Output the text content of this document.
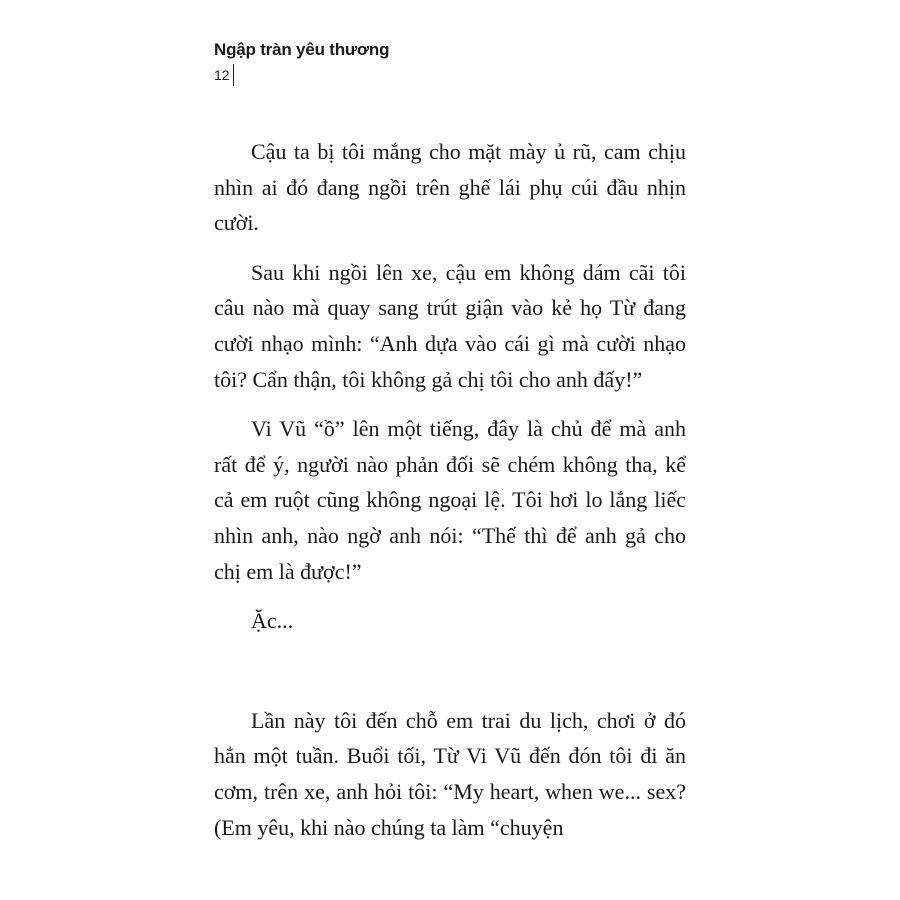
Ngập tràn yêu thương
12

Cậu ta bị tôi mắng cho mặt mày ủ rũ, cam chịu nhìn ai đó đang ngồi trên ghế lái phụ cúi đầu nhịn cười.

Sau khi ngồi lên xe, cậu em không dám cãi tôi câu nào mà quay sang trút giận vào kẻ họ Từ đang cười nhạo mình: “Anh dựa vào cái gì mà cười nhạo tôi? Cẩn thận, tôi không gả chị tôi cho anh đấy!”

Vi Vũ “ồ” lên một tiếng, đây là chủ để mà anh rất để ý, người nào phản đối sẽ chém không tha, kể cả em ruột cũng không ngoại lệ. Tôi hơi lo lắng liếc nhìn anh, nào ngờ anh nói: “Thế thì để anh gả cho chị em là được!”

Ặc...

Lần này tôi đến chỗ em trai du lịch, chơi ở đó hẳn một tuần. Buổi tối, Từ Vi Vũ đến đón tôi đi ăn cơm, trên xe, anh hỏi tôi: “My heart, when we... sex? (Em yêu, khi nào chúng ta làm “chuyện
